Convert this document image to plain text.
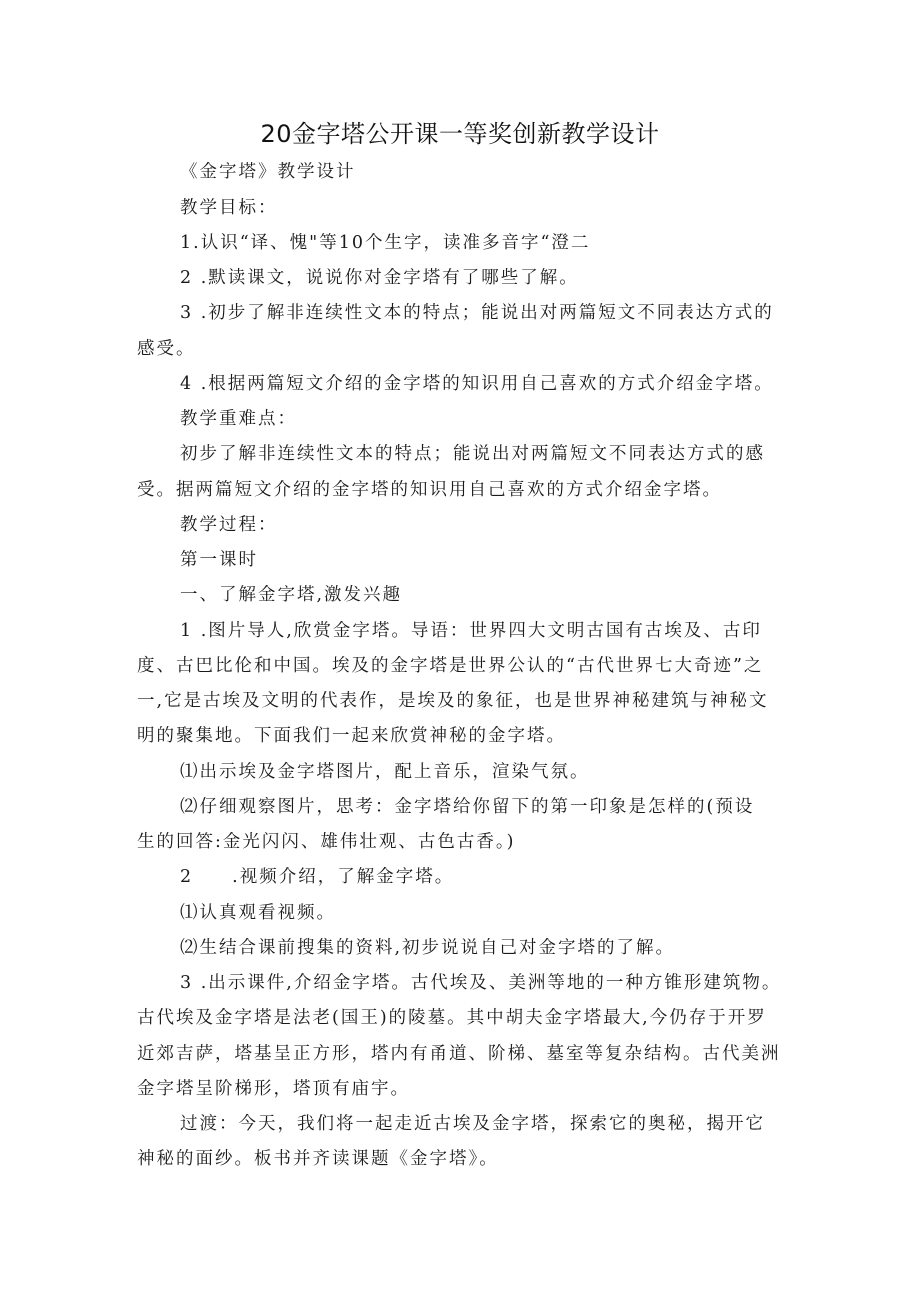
20金字塔公开课一等奖创新教学设计
《金字塔》教学设计
教学目标：
1.认识“译、愧"等10个生字，读准多音字“澄二
2 .默读课文，说说你对金字塔有了哪些了解。
3 .初步了解非连续性文本的特点；能说出对两篇短文不同表达方式的
感受。
4 .根据两篇短文介绍的金字塔的知识用自己喜欢的方式介绍金字塔。
教学重难点：
初步了解非连续性文本的特点；能说出对两篇短文不同表达方式的感
受。据两篇短文介绍的金字塔的知识用自己喜欢的方式介绍金字塔。
教学过程：
第一课时
一、了解金字塔,激发兴趣
1 .图片导人,欣赏金字塔。导语：世界四大文明古国有古埃及、古印
度、古巴比伦和中国。埃及的金字塔是世界公认的“古代世界七大奇迹”之
一,它是古埃及文明的代表作，是埃及的象征，也是世界神秘建筑与神秘文
明的聚集地。下面我们一起来欣赏神秘的金字塔。
⑴出示埃及金字塔图片，配上音乐，渲染气氛。
⑵仔细观察图片，思考：金字塔给你留下的第一印象是怎样的(预设
生的回答:金光闪闪、雄伟壮观、古色古香。)
2　　.视频介绍，了解金字塔。
⑴认真观看视频。
⑵生结合课前搜集的资料,初步说说自己对金字塔的了解。
3 .出示课件,介绍金字塔。古代埃及、美洲等地的一种方锥形建筑物。
古代埃及金字塔是法老(国王)的陵墓。其中胡夫金字塔最大,今仍存于开罗
近郊吉萨，塔基呈正方形，塔内有甬道、阶梯、墓室等复杂结构。古代美洲
金字塔呈阶梯形，塔顶有庙宇。
过渡：今天，我们将一起走近古埃及金字塔，探索它的奥秘，揭开它
神秘的面纱。板书并齐读课题《金字塔》。
